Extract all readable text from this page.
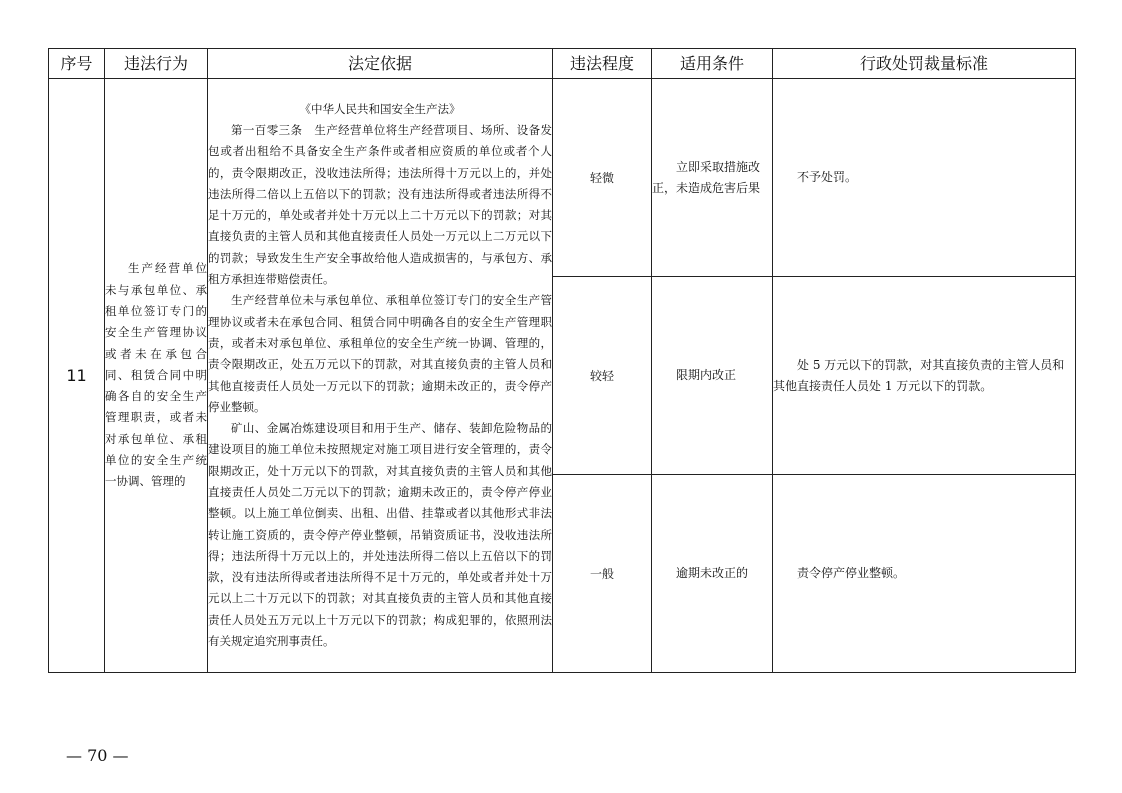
序号	违法行为	法定依据	违法程度	适用条件	行政处罚裁量标准
11	生产经营单位未与承包单位、承租单位签订专门的安全生产管理协议或者未在承包合同、租赁合同中明确各自的安全生产管理职责，或者未对承包单位、承租单位的安全生产统一协调、管理的	《中华人民共和国安全生产法》
第一百零三条　生产经营单位将生产经营项目、场所、设备发包或者出租给不具备安全生产条件或者相应资质的单位或者个人的，责令限期改正，没收违法所得；违法所得十万元以上的，并处违法所得二倍以上五倍以下的罚款；没有违法所得或者违法所得不足十万元的，单处或者并处十万元以上二十万元以下的罚款；对其直接负责的主管人员和其他直接责任人员处一万元以上二万元以下的罚款；导致发生生产安全事故给他人造成损害的，与承包方、承租方承担连带赔偿责任。
生产经营单位未与承包单位、承租单位签订专门的安全生产管理协议或者未在承包合同、租赁合同中明确各自的安全生产管理职责，或者未对承包单位、承租单位的安全生产统一协调、管理的，责令限期改正，处五万元以下的罚款，对其直接负责的主管人员和其他直接责任人员处一万元以下的罚款；逾期未改正的，责令停产停业整顿。
矿山、金属冶炼建设项目和用于生产、储存、装卸危险物品的建设项目的施工单位未按照规定对施工项目进行安全管理的，责令限期改正，处十万元以下的罚款，对其直接负责的主管人员和其他直接责任人员处二万元以下的罚款；逾期未改正的，责令停产停业整顿。以上施工单位倒卖、出租、出借、挂靠或者以其他形式非法转让施工资质的，责令停产停业整顿，吊销资质证书，没收违法所得；违法所得十万元以上的，并处违法所得二倍以上五倍以下的罚款，没有违法所得或者违法所得不足十万元的，单处或者并处十万元以上二十万元以下的罚款；对其直接负责的主管人员和其他直接责任人员处五万元以上十万元以下的罚款；构成犯罪的，依照刑法有关规定追究刑事责任。	轻微	立即采取措施改正，未造成危害后果	不予处罚。

			较轻	限期内改正	处 5 万元以下的罚款，对其直接负责的主管人员和其他直接责任人员处 1 万元以下的罚款。

			一般	逾期未改正的	责令停产停业整顿。
— 70 —
